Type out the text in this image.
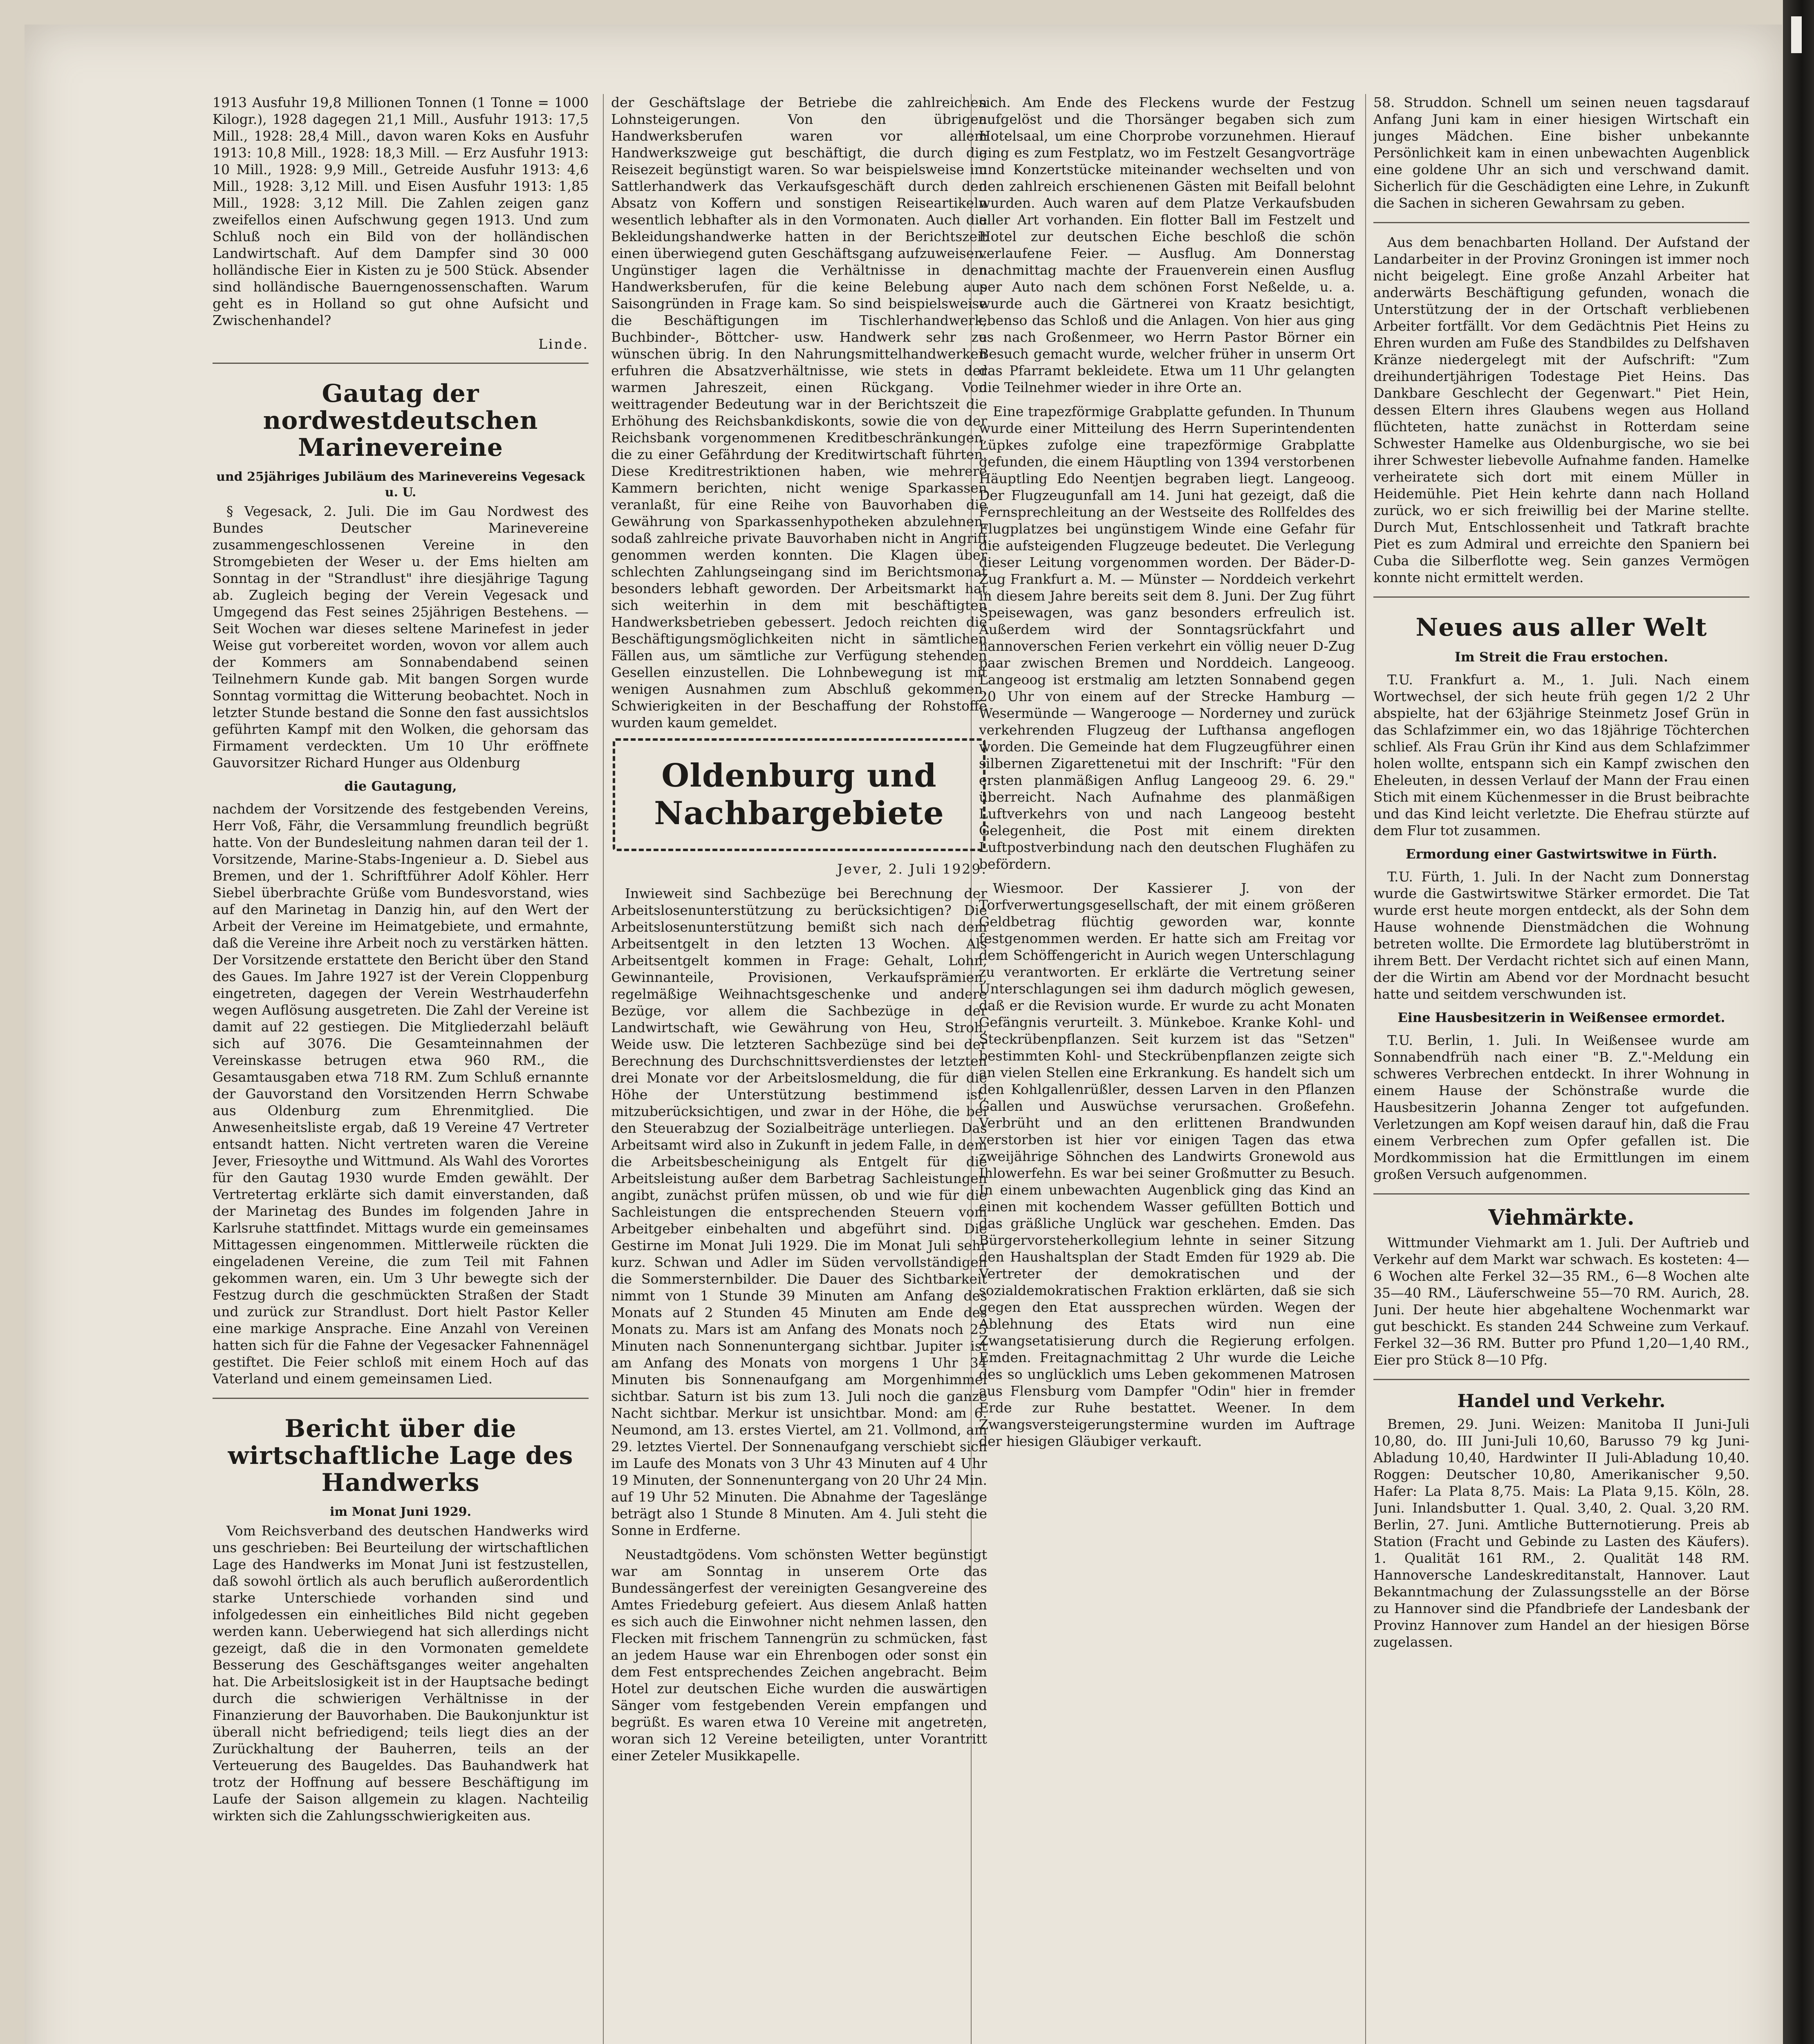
1913 Ausfuhr 19,8 Millionen Tonnen (1 Tonne = 1000 Kilogr.), 1928 dagegen 21,1 Mill., Ausfuhr 1913: 17,5 Mill., 1928: 28,4 Mill., davon waren Koks en Ausfuhr 1913: 10,8 Mill., 1928: 18,3 Mill. — Erz Ausfuhr 1913: 10 Mill., 1928: 9,9 Mill., Getreide Ausfuhr 1913: 4,6 Mill., 1928: 3,12 Mill. und Eisen Ausfuhr 1913: 1,85 Mill., 1928: 3,12 Mill. Die Zahlen zeigen ganz zweifellos einen Aufschwung gegen 1913. Und zum Schluß noch ein Bild von der holländischen Landwirtschaft. Auf dem Dampfer sind 30 000 holländische Eier in Kisten zu je 500 Stück. Absender sind holländische Bauerngenossenschaften. Warum geht es in Holland so gut ohne Aufsicht und Zwischenhandel?

Linde.
Gautag der nordwestdeutschen Marinevereine
und 25jähriges Jubiläum des Marinevereins Vegesack u. U.

§ Vegesack, 2. Juli. Die im Gau Nordwest des Bundes Deutscher Marinevereine zusammengeschlossenen Vereine in den Stromgebieten der Weser u. der Ems hielten am Sonntag in der "Strandlust" ihre diesjährige Tagung ab. Zugleich beging der Verein Vegesack und Umgegend das Fest seines 25jährigen Bestehens. — Seit Wochen war dieses seltene Marinefest in jeder Weise gut vorbereitet worden, wovon vor allem auch der Kommers am Sonnabendabend seinen Teilnehmern Kunde gab. Mit bangen Sorgen wurde Sonntag vormittag die Witterung beobachtet. Noch in letzter Stunde bestand die Sonne den fast aussichtslos geführten Kampf mit den Wolken, die gehorsam das Firmament verdeckten. Um 10 Uhr eröffnete Gauvorsitzer Richard Hunger aus Oldenburg

die Gautagung,

nachdem der Vorsitzende des festgebenden Vereins, Herr Voß, Fähr, die Versammlung freundlich begrüßt hatte. Von der Bundesleitung nahmen daran teil der 1. Vorsitzende, Marine-Stabs-Ingenieur a. D. Siebel aus Bremen, und der 1. Schriftführer Adolf Köhler. Herr Siebel überbrachte Grüße vom Bundesvorstand, wies auf den Marinetag in Danzig hin, auf den Wert der Arbeit der Vereine im Heimatgebiete, und ermahnte, daß die Vereine ihre Arbeit noch zu verstärken hätten. Der Vorsitzende erstattete den Bericht über den Stand des Gaues. Im Jahre 1927 ist der Verein Cloppenburg eingetreten, dagegen der Verein Westrhauderfehn wegen Auflösung ausgetreten. Die Zahl der Vereine ist damit auf 22 gestiegen. Die Mitgliederzahl beläuft sich auf 3076. Die Gesamteinnahmen der Vereinskasse betrugen etwa 960 RM., die Gesamtausgaben etwa 718 RM. Zum Schluß ernannte der Gauvorstand den Vorsitzenden Herrn Schwabe aus Oldenburg zum Ehrenmitglied. Die Anwesenheitsliste ergab, daß 19 Vereine 47 Vertreter entsandt hatten. Nicht vertreten waren die Vereine Jever, Friesoythe und Wittmund. Als Wahl des Vorortes für den Gautag 1930 wurde Emden gewählt. Der Vertretertag erklärte sich damit einverstanden, daß der Marinetag des Bundes im folgenden Jahre in Karlsruhe stattfindet. Mittags wurde ein gemeinsames Mittagessen eingenommen. Mittlerweile rückten die eingeladenen Vereine, die zum Teil mit Fahnen gekommen waren, ein. Um 3 Uhr bewegte sich der Festzug durch die geschmückten Straßen der Stadt und zurück zur Strandlust. Dort hielt Pastor Keller eine markige Ansprache. Eine Anzahl von Vereinen hatten sich für die Fahne der Vegesacker Fahnennägel gestiftet. Die Feier schloß mit einem Hoch auf das Vaterland und einem gemeinsamen Lied.

Bericht über die wirtschaftliche Lage des Handwerks
im Monat Juni 1929.

Vom Reichsverband des deutschen Handwerks wird uns geschrieben: Bei Beurteilung der wirtschaftlichen Lage des Handwerks im Monat Juni ist festzustellen, daß sowohl örtlich als auch beruflich außerordentlich starke Unterschiede vorhanden sind und infolgedessen ein einheitliches Bild nicht gegeben werden kann. Ueberwiegend hat sich allerdings nicht gezeigt, daß die in den Vormonaten gemeldete Besserung des Geschäftsganges weiter angehalten hat. Die Arbeitslosigkeit ist in der Hauptsache bedingt durch die schwierigen Verhältnisse in der Finanzierung der Bauvorhaben. Die Baukonjunktur ist überall nicht befriedigend; teils liegt dies an der Zurückhaltung der Bauherren, teils an der Verteuerung des Baugeldes. Das Bauhandwerk hat trotz der Hoffnung auf bessere Beschäftigung im Laufe der Saison allgemein zu klagen. Nachteilig wirkten sich die Zahlungsschwierigkeiten aus.

der Geschäftslage der Betriebe die zahlreichen Lohnsteigerungen. Von den übrigen Handwerksberufen waren vor allem Handwerkszweige gut beschäftigt, die durch die Reisezeit begünstigt waren. So war beispielsweise im Sattlerhandwerk das Verkaufsgeschäft durch den Absatz von Koffern und sonstigen Reiseartikeln wesentlich lebhafter als in den Vormonaten. Auch die Bekleidungshandwerke hatten in der Berichtszeit einen überwiegend guten Geschäftsgang aufzuweisen. Ungünstiger lagen die Verhältnisse in den Handwerksberufen, für die keine Belebung aus Saisongründen in Frage kam. So sind beispielsweise die Beschäftigungen im Tischlerhandwerk, Buchbinder-, Böttcher- usw. Handwerk sehr zu wünschen übrig. In den Nahrungsmittelhandwerken erfuhren die Absatzverhältnisse, wie stets in der warmen Jahreszeit, einen Rückgang. Von weittragender Bedeutung war in der Berichtszeit die Erhöhung des Reichsbankdiskonts, sowie die von der Reichsbank vorgenommenen Kreditbeschränkungen, die zu einer Gefährdung der Kreditwirtschaft führten. Diese Kreditrestriktionen haben, wie mehrere Kammern berichten, nicht wenige Sparkassen veranlaßt, für eine Reihe von Bauvorhaben die Gewährung von Sparkassenhypotheken abzulehnen, sodaß zahlreiche private Bauvorhaben nicht in Angriff genommen werden konnten. Die Klagen über schlechten Zahlungseingang sind im Berichtsmonat besonders lebhaft geworden. Der Arbeitsmarkt hat sich weiterhin in dem mit beschäftigten Handwerksbetrieben gebessert. Jedoch reichten die Beschäftigungsmöglichkeiten nicht in sämtlichen Fällen aus, um sämtliche zur Verfügung stehenden Gesellen einzustellen. Die Lohnbewegung ist mit wenigen Ausnahmen zum Abschluß gekommen. Schwierigkeiten in der Beschaffung der Rohstoffe wurden kaum gemeldet.

Oldenburg und Nachbargebiete
Jever, 2. Juli 1929.

Inwieweit sind Sachbezüge bei Berechnung der Arbeitslosenunterstützung zu berücksichtigen? Die Arbeitslosenunterstützung bemißt sich nach dem Arbeitsentgelt in den letzten 13 Wochen. Als Arbeitsentgelt kommen in Frage: Gehalt, Lohn, Gewinnanteile, Provisionen, Verkaufsprämien, regelmäßige Weihnachtsgeschenke und andere Bezüge, vor allem die Sachbezüge in der Landwirtschaft, wie Gewährung von Heu, Stroh, Weide usw. Die letzteren Sachbezüge sind bei der Berechnung des Durchschnittsverdienstes der letzten drei Monate vor der Arbeitslosmeldung, die für die Höhe der Unterstützung bestimmend ist, mitzuberücksichtigen, und zwar in der Höhe, die bei den Steuerabzug der Sozialbeiträge unterliegen. Das Arbeitsamt wird also in Zukunft in jedem Falle, in dem die Arbeitsbescheinigung als Entgelt für die Arbeitsleistung außer dem Barbetrag Sachleistungen angibt, zunächst prüfen müssen, ob und wie für die Sachleistungen die entsprechenden Steuern vom Arbeitgeber einbehalten und abgeführt sind. Die Gestirne im Monat Juli 1929. Die im Monat Juli sehr kurz. Schwan und Adler im Süden vervollständigen die Sommersternbilder. Die Dauer des Sichtbarkeit nimmt von 1 Stunde 39 Minuten am Anfang des Monats auf 2 Stunden 45 Minuten am Ende des Monats zu. Mars ist am Anfang des Monats noch 25 Minuten nach Sonnenuntergang sichtbar. Jupiter ist am Anfang des Monats von morgens 1 Uhr 34 Minuten bis Sonnenaufgang am Morgenhimmel sichtbar. Saturn ist bis zum 13. Juli noch die ganze Nacht sichtbar. Merkur ist unsichtbar. Mond: am 6. Neumond, am 13. erstes Viertel, am 21. Vollmond, am 29. letztes Viertel. Der Sonnenaufgang verschiebt sich im Laufe des Monats von 3 Uhr 43 Minuten auf 4 Uhr 19 Minuten, der Sonnenuntergang von 20 Uhr 24 Min. auf 19 Uhr 52 Minuten. Die Abnahme der Tageslänge beträgt also 1 Stunde 8 Minuten. Am 4. Juli steht die Sonne in Erdferne.

Neustadtgödens. Vom schönsten Wetter begünstigt war am Sonntag in unserem Orte das Bundessängerfest der vereinigten Gesangvereine des Amtes Friedeburg gefeiert. Aus diesem Anlaß hatten es sich auch die Einwohner nicht nehmen lassen, den Flecken mit frischem Tannengrün zu schmücken, fast an jedem Hause war ein Ehrenbogen oder sonst ein dem Fest entsprechendes Zeichen angebracht. Beim Hotel zur deutschen Eiche wurden die auswärtigen Sänger vom festgebenden Verein empfangen und begrüßt. Es waren etwa 10 Vereine mit angetreten, woran sich 12 Vereine beteiligten, unter Vorantritt einer Zeteler Musikkapelle.

sich. Am Ende des Fleckens wurde der Festzug aufgelöst und die Thorsänger begaben sich zum Hotelsaal, um eine Chorprobe vorzunehmen. Hierauf ging es zum Festplatz, wo im Festzelt Gesangvorträge und Konzertstücke miteinander wechselten und von den zahlreich erschienenen Gästen mit Beifall belohnt wurden. Auch waren auf dem Platze Verkaufsbuden aller Art vorhanden. Ein flotter Ball im Festzelt und Hotel zur deutschen Eiche beschloß die schön verlaufene Feier. — Ausflug. Am Donnerstag nachmittag machte der Frauenverein einen Ausflug per Auto nach dem schönen Forst Neßelde, u. a. wurde auch die Gärtnerei von Kraatz besichtigt, ebenso das Schloß und die Anlagen. Von hier aus ging es nach Großenmeer, wo Herrn Pastor Börner ein Besuch gemacht wurde, welcher früher in unserm Ort das Pfarramt bekleidete. Etwa um 11 Uhr gelangten die Teilnehmer wieder in ihre Orte an.

Eine trapezförmige Grabplatte gefunden. In Thunum wurde einer Mitteilung des Herrn Superintendenten Lüpkes zufolge eine trapezförmige Grabplatte gefunden, die einem Häuptling von 1394 verstorbenen Häuptling Edo Neentjen begraben liegt. Langeoog. Der Flugzeugunfall am 14. Juni hat gezeigt, daß die Fernsprechleitung an der Westseite des Rollfeldes des Flugplatzes bei ungünstigem Winde eine Gefahr für die aufsteigenden Flugzeuge bedeutet. Die Verlegung dieser Leitung vorgenommen worden. Der Bäder-D-Zug Frankfurt a. M. — Münster — Norddeich verkehrt in diesem Jahre bereits seit dem 8. Juni. Der Zug führt Speisewagen, was ganz besonders erfreulich ist. Außerdem wird der Sonntagsrückfahrt und hannoverschen Ferien verkehrt ein völlig neuer D-Zug paar zwischen Bremen und Norddeich. Langeoog. Langeoog ist erstmalig am letzten Sonnabend gegen 20 Uhr von einem auf der Strecke Hamburg — Wesermünde — Wangerooge — Norderney und zurück verkehrenden Flugzeug der Lufthansa angeflogen worden. Die Gemeinde hat dem Flugzeugführer einen silbernen Zigarettenetui mit der Inschrift: "Für den ersten planmäßigen Anflug Langeoog 29. 6. 29." überreicht. Nach Aufnahme des planmäßigen Luftverkehrs von und nach Langeoog besteht Gelegenheit, die Post mit einem direkten Luftpostverbindung nach den deutschen Flughäfen zu befördern.

Wiesmoor. Der Kassierer J. von der Torfverwertungsgesellschaft, der mit einem größeren Geldbetrag flüchtig geworden war, konnte festgenommen werden. Er hatte sich am Freitag vor dem Schöffengericht in Aurich wegen Unterschlagung zu verantworten. Er erklärte die Vertretung seiner Unterschlagungen sei ihm dadurch möglich gewesen, daß er die Revision wurde. Er wurde zu acht Monaten Gefängnis verurteilt. 3. Münkeboe. Kranke Kohl- und Steckrübenpflanzen. Seit kurzem ist das "Setzen" bestimmten Kohl- und Steckrübenpflanzen zeigte sich an vielen Stellen eine Erkrankung. Es handelt sich um den Kohlgallenrüßler, dessen Larven in den Pflanzen Gallen und Auswüchse verursachen. Großefehn. Verbrüht und an den erlittenen Brandwunden verstorben ist hier vor einigen Tagen das etwa zweijährige Söhnchen des Landwirts Gronewold aus Ihlowerfehn. Es war bei seiner Großmutter zu Besuch. In einem unbewachten Augenblick ging das Kind an einen mit kochendem Wasser gefüllten Bottich und das gräßliche Unglück war geschehen. Emden. Das Bürgervorsteherkollegium lehnte in seiner Sitzung den Haushaltsplan der Stadt Emden für 1929 ab. Die Vertreter der demokratischen und der sozialdemokratischen Fraktion erklärten, daß sie sich gegen den Etat aussprechen würden. Wegen der Ablehnung des Etats wird nun eine Zwangsetatisierung durch die Regierung erfolgen. Emden. Freitagnachmittag 2 Uhr wurde die Leiche des so unglücklich ums Leben gekommenen Matrosen aus Flensburg vom Dampfer "Odin" hier in fremder Erde zur Ruhe bestattet. Weener. In dem Zwangsversteigerungstermine wurden im Auftrage der hiesigen Gläubiger verkauft.

58. Struddon. Schnell um seinen neuen tagsdarauf Anfang Juni kam in einer hiesigen Wirtschaft ein junges Mädchen. Eine bisher unbekannte Persönlichkeit kam in einen unbewachten Augenblick eine goldene Uhr an sich und verschwand damit. Sicherlich für die Geschädigten eine Lehre, in Zukunft die Sachen in sicheren Gewahrsam zu geben.

Aus dem benachbarten Holland. Der Aufstand der Landarbeiter in der Provinz Groningen ist immer noch nicht beigelegt. Eine große Anzahl Arbeiter hat anderwärts Beschäftigung gefunden, wonach die Unterstützung der in der Ortschaft verbliebenen Arbeiter fortfällt. Vor dem Gedächtnis Piet Heins zu Ehren wurden am Fuße des Standbildes zu Delfshaven Kränze niedergelegt mit der Aufschrift: "Zum dreihundertjährigen Todestage Piet Heins. Das Dankbare Geschlecht der Gegenwart." Piet Hein, dessen Eltern ihres Glaubens wegen aus Holland flüchteten, hatte zunächst in Rotterdam seine Schwester Hamelke aus Oldenburgische, wo sie bei ihrer Schwester liebevolle Aufnahme fanden. Hamelke verheiratete sich dort mit einem Müller in Heidemühle. Piet Hein kehrte dann nach Holland zurück, wo er sich freiwillig bei der Marine stellte. Durch Mut, Entschlossenheit und Tatkraft brachte Piet es zum Admiral und erreichte den Spaniern bei Cuba die Silberflotte weg. Sein ganzes Vermögen konnte nicht ermittelt werden.

Neues aus aller Welt
Im Streit die Frau erstochen.

T.U. Frankfurt a. M., 1. Juli. Nach einem Wortwechsel, der sich heute früh gegen 1/2 2 Uhr abspielte, hat der 63jährige Steinmetz Josef Grün in das Schlafzimmer ein, wo das 18jährige Töchterchen schlief. Als Frau Grün ihr Kind aus dem Schlafzimmer holen wollte, entspann sich ein Kampf zwischen den Eheleuten, in dessen Verlauf der Mann der Frau einen Stich mit einem Küchenmesser in die Brust beibrachte und das Kind leicht verletzte. Die Ehefrau stürzte auf dem Flur tot zusammen.

Ermordung einer Gastwirtswitwe in Fürth.

T.U. Fürth, 1. Juli. In der Nacht zum Donnerstag wurde die Gastwirtswitwe Stärker ermordet. Die Tat wurde erst heute morgen entdeckt, als der Sohn dem Hause wohnende Dienstmädchen die Wohnung betreten wollte. Die Ermordete lag blutüberströmt in ihrem Bett. Der Verdacht richtet sich auf einen Mann, der die Wirtin am Abend vor der Mordnacht besucht hatte und seitdem verschwunden ist.

Eine Hausbesitzerin in Weißensee ermordet.

T.U. Berlin, 1. Juli. In Weißensee wurde am Sonnabendfrüh nach einer "B. Z."-Meldung ein schweres Verbrechen entdeckt. In ihrer Wohnung in einem Hause der Schönstraße wurde die Hausbesitzerin Johanna Zenger tot aufgefunden. Verletzungen am Kopf weisen darauf hin, daß die Frau einem Verbrechen zum Opfer gefallen ist. Die Mordkommission hat die Ermittlungen im einem großen Versuch aufgenommen.

Viehmärkte.

Wittmunder Viehmarkt am 1. Juli. Der Auftrieb und Verkehr auf dem Markt war schwach. Es kosteten: 4—6 Wochen alte Ferkel 32—35 RM., 6—8 Wochen alte 35—40 RM., Läuferschweine 55—70 RM. Aurich, 28. Juni. Der heute hier abgehaltene Wochenmarkt war gut beschickt. Es standen 244 Schweine zum Verkauf. Ferkel 32—36 RM. Butter pro Pfund 1,20—1,40 RM., Eier pro Stück 8—10 Pfg.

Handel und Verkehr.

Bremen, 29. Juni. Weizen: Manitoba II Juni-Juli 10,80, do. III Juni-Juli 10,60, Barusso 79 kg Juni-Abladung 10,40, Hardwinter II Juli-Abladung 10,40. Roggen: Deutscher 10,80, Amerikanischer 9,50. Hafer: La Plata 8,75. Mais: La Plata 9,15. Köln, 28. Juni. Inlandsbutter 1. Qual. 3,40, 2. Qual. 3,20 RM. Berlin, 27. Juni. Amtliche Butternotierung. Preis ab Station (Fracht und Gebinde zu Lasten des Käufers). 1. Qualität 161 RM., 2. Qualität 148 RM. Hannoversche Landeskreditanstalt, Hannover. Laut Bekanntmachung der Zulassungsstelle an der Börse zu Hannover sind die Pfandbriefe der Landesbank der Provinz Hannover zum Handel an der hiesigen Börse zugelassen.
